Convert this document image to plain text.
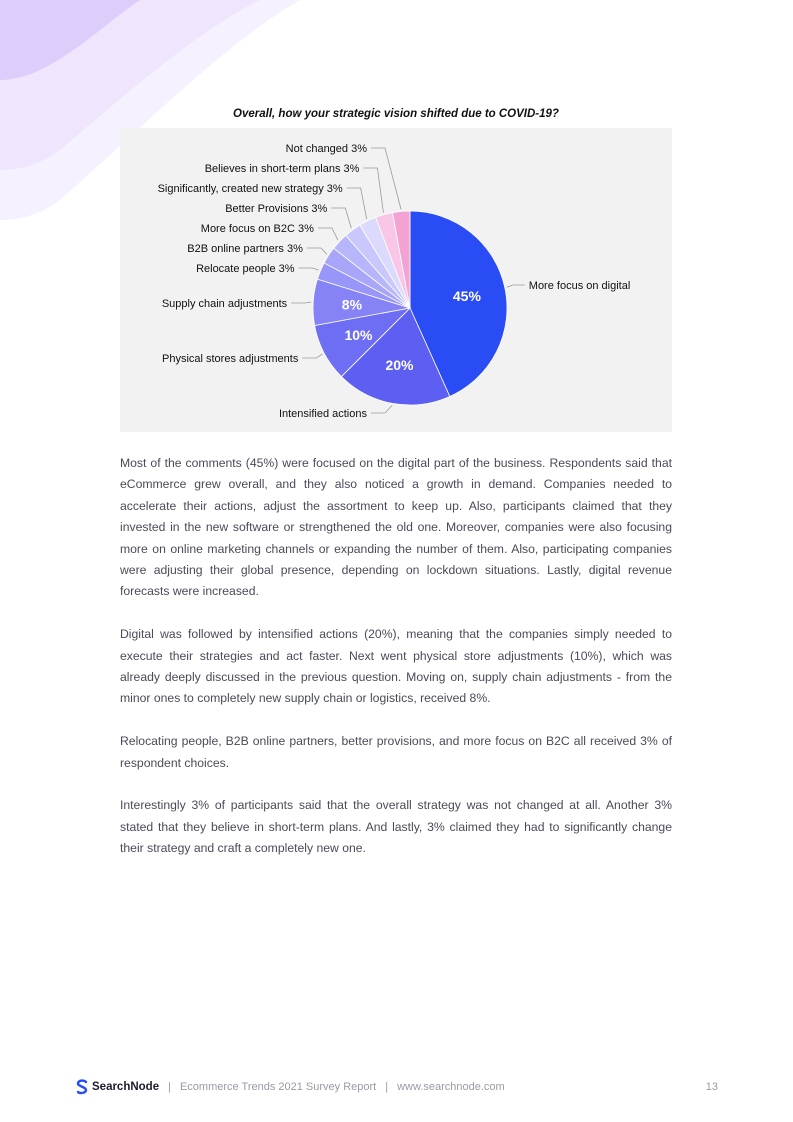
Overall, how your strategic vision shifted due to COVID-19?
45%
More focus on digital
20%
Intensified actions
10%
Physical stores adjustments
8%
Supply chain adjustments
Relocate people 3%
B2B online partners 3%
More focus on B2C 3%
Better Provisions 3%
Significantly, created new strategy 3%
Believes in short-term plans 3%
Not changed 3%

Most of the comments (45%) were focused on the digital part of the business. Respondents said that eCommerce grew overall, and they also noticed a growth in demand. Companies needed to accelerate their actions, adjust the assortment to keep up. Also, participants claimed that they invested in the new software or strengthened the old one. Moreover, companies were also focusing more on online marketing channels or expanding the number of them. Also, participating companies were adjusting their global presence, depending on lockdown situations. Lastly, digital revenue forecasts were increased.

Digital was followed by intensified actions (20%), meaning that the companies simply needed to execute their strategies and act faster. Next went physical store adjustments (10%), which was already deeply discussed in the previous question. Moving on, supply chain adjustments - from the minor ones to completely new supply chain or logistics, received 8%.

Relocating people, B2B online partners, better provisions, and more focus on B2C all received 3% of respondent choices.

Interestingly 3% of participants said that the overall strategy was not changed at all. Another 3% stated that they believe in short-term plans. And lastly, 3% claimed they had to significantly change their strategy and craft a completely new one.

SearchNode | Ecommerce Trends 2021 Survey Report | www.searchnode.com	13
